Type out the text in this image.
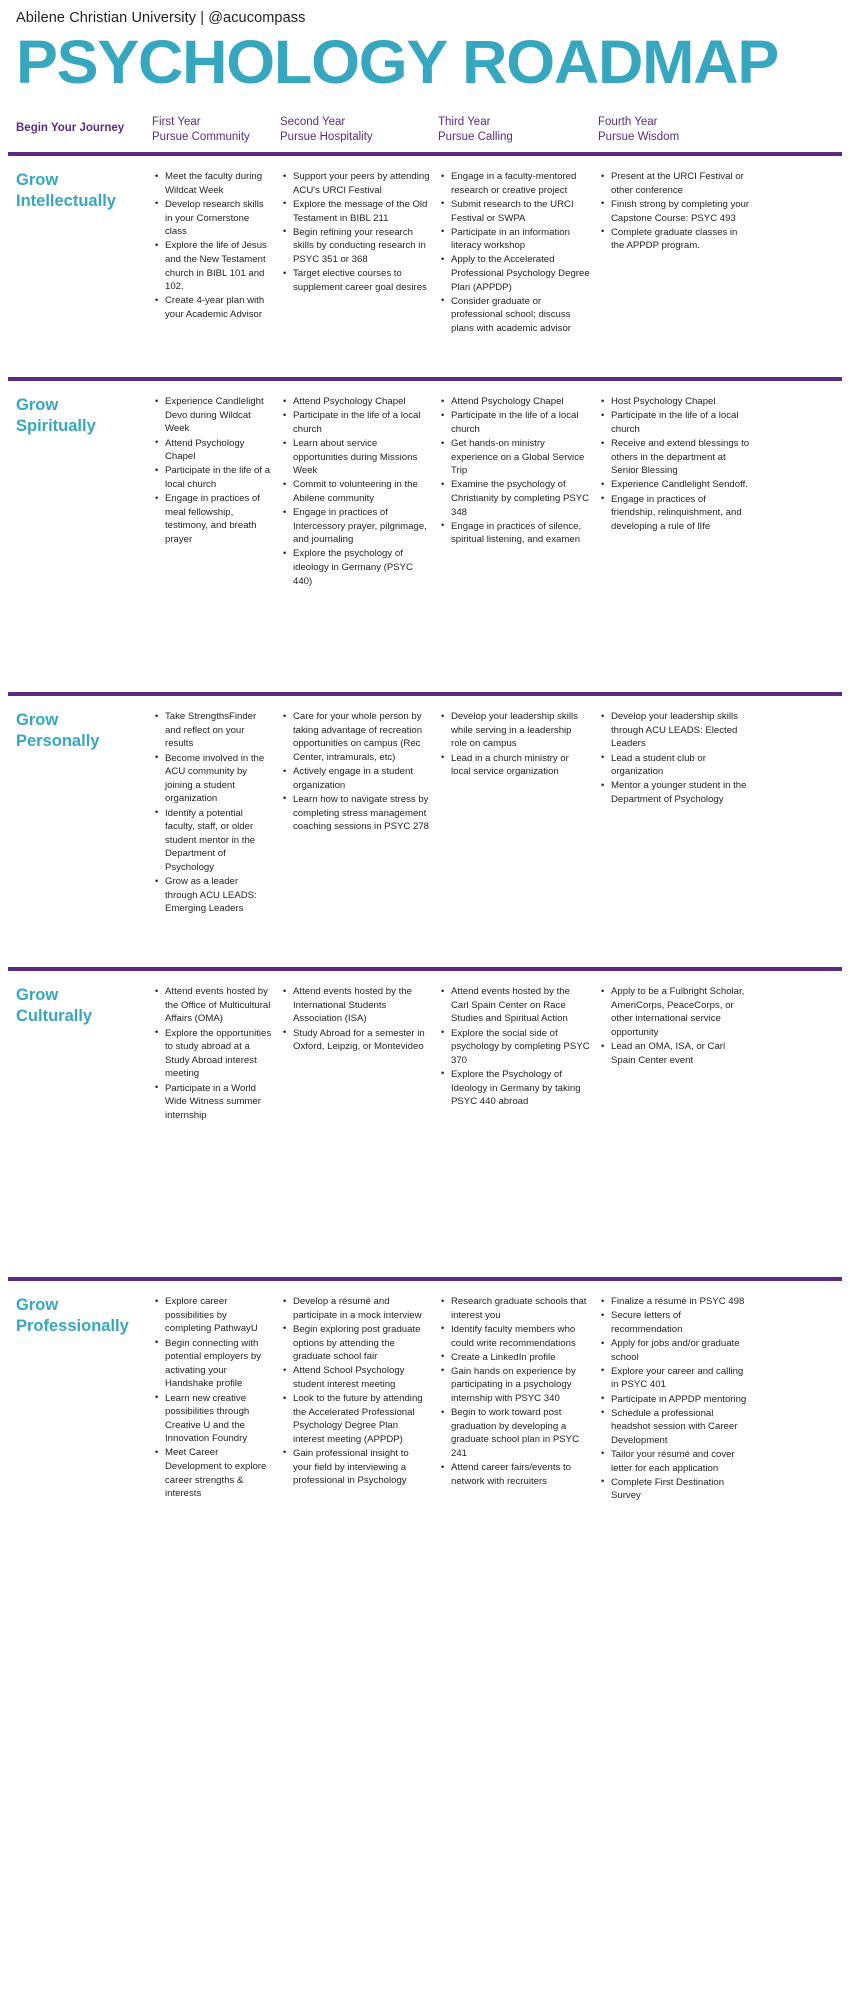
Abilene Christian University | @acucompass
PSYCHOLOGY ROADMAP
Begin Your Journey	First Year
Pursue Community
Second Year
Pursue Hospitality
Third Year
Pursue Calling
Fourth Year
Pursue Wisdom
Grow
Intellectually
• Meet the faculty during Wildcat Week
• Develop research skills in your Cornerstone class
• Explore the life of Jesus and the New Testament church in BIBL 101 and 102.
• Create 4-year plan with your Academic Advisor
• Support your peers by attending ACU's URCI Festival
• Explore the message of the Old Testament in BIBL 211
• Begin refining your research skills by conducting research in PSYC 351 or 368
• Target elective courses to supplement career goal desires
• Engage in a faculty-mentored research or creative project
• Submit research to the URCI Festival or SWPA
• Participate in an information literacy workshop
• Apply to the Accelerated Professional Psychology Degree Plan (APPDP)
• Consider graduate or professional school; discuss plans with academic advisor
• Present at the URCI Festival or other conference
• Finish strong by completing your Capstone Course: PSYC 493
• Complete graduate classes in the APPDP program.
Grow
Spiritually
• Experience Candlelight Devo during Wildcat Week
• Attend Psychology Chapel
• Participate in the life of a local church
• Engage in practices of meal fellowship, testimony, and breath prayer
• Attend Psychology Chapel
• Participate in the life of a local church
• Learn about service opportunities during Missions Week
• Commit to volunteering in the Abilene community
• Engage in practices of Intercessory prayer, pilgrimage, and journaling
• Explore the psychology of ideology in Germany (PSYC 440)
• Attend Psychology Chapel
• Participate in the life of a local church
• Get hands-on ministry experience on a Global Service Trip
• Examine the psychology of Christianity by completing PSYC 348
• Engage in practices of silence, spiritual listening, and examen
• Host Psychology Chapel
• Participate in the life of a local church
• Receive and extend blessings to others in the department at Senior Blessing
• Experience Candlelight Sendoff.
• Engage in practices of friendship, relinquishment, and developing a rule of lIfe
Grow
Personally
• Take StrengthsFinder and reflect on your results
• Become involved in the ACU community by joining a student organization
• Identify a potential faculty, staff, or older student mentor in the Department of Psychology
• Grow as a leader through ACU LEADS: Emerging Leaders
• Care for your whole person by taking advantage of recreation opportunities on campus (Rec Center, intramurals, etc)
• Actively engage in a student organization
• Learn how to navigate stress by completing stress management coaching sessions in PSYC 278
• Develop your leadership skills while serving in a leadership role on campus
• Lead in a church ministry or local service organization
• Develop your leadership skills through ACU LEADS: Elected Leaders
• Lead a student club or organization
• Mentor a younger student in the Department of Psychology
Grow
Culturally
• Attend events hosted by the Office of Multicultural Affairs (OMA)
• Explore the opportunities to study abroad at a Study Abroad interest meeting
• Participate in a World Wide Witness summer internship
• Attend events hosted by the International Students Association (ISA)
• Study Abroad for a semester in Oxford, Leipzig, or Montevideo
• Attend events hosted by the Carl Spain Center on Race Studies and Spiritual Action
• Explore the social side of psychology by completing PSYC 370
• Explore the Psychology of Ideology in Germany by taking PSYC 440 abroad
• Apply to be a Fulbright Scholar, AmeriCorps, PeaceCorps, or other international service opportunity
• Lead an OMA, ISA, or Carl Spain Center event
Grow
Professionally
• Explore career possibilities by completing PathwayU
• Begin connecting with potential employers by activating your Handshake profile
• Learn new creative possibilities through Creative U and the Innovation Foundry
• Meet Career Development to explore career strengths & interests
• Develop a résumé and participate in a mock interview
• Begin exploring post graduate options by attending the graduate school fair
• Attend School Psychology student interest meeting
• Look to the future by attending the Accelerated Professional Psychology Degree Plan interest meeting (APPDP)
• Gain professional insight to your field by interviewing a professional in Psychology
• Research graduate schools that interest you
• Identify faculty members who could write recommendations
• Create a LinkedIn profile
• Gain hands on experience by participating in a psychology internship with PSYC 340
• Begin to work toward post graduation by developing a graduate school plan in PSYC 241
• Attend career fairs/events to network with recruiters
• Finalize a résumé in PSYC 498
• Secure letters of recommendation
• Apply for jobs and/or graduate school
• Explore your career and calling in PSYC 401
• Participate in APPDP mentoring
• Schedule a professional headshot session with Career Development
• Tailor your résumé and cover letter for each application
• Complete First Destination Survey
